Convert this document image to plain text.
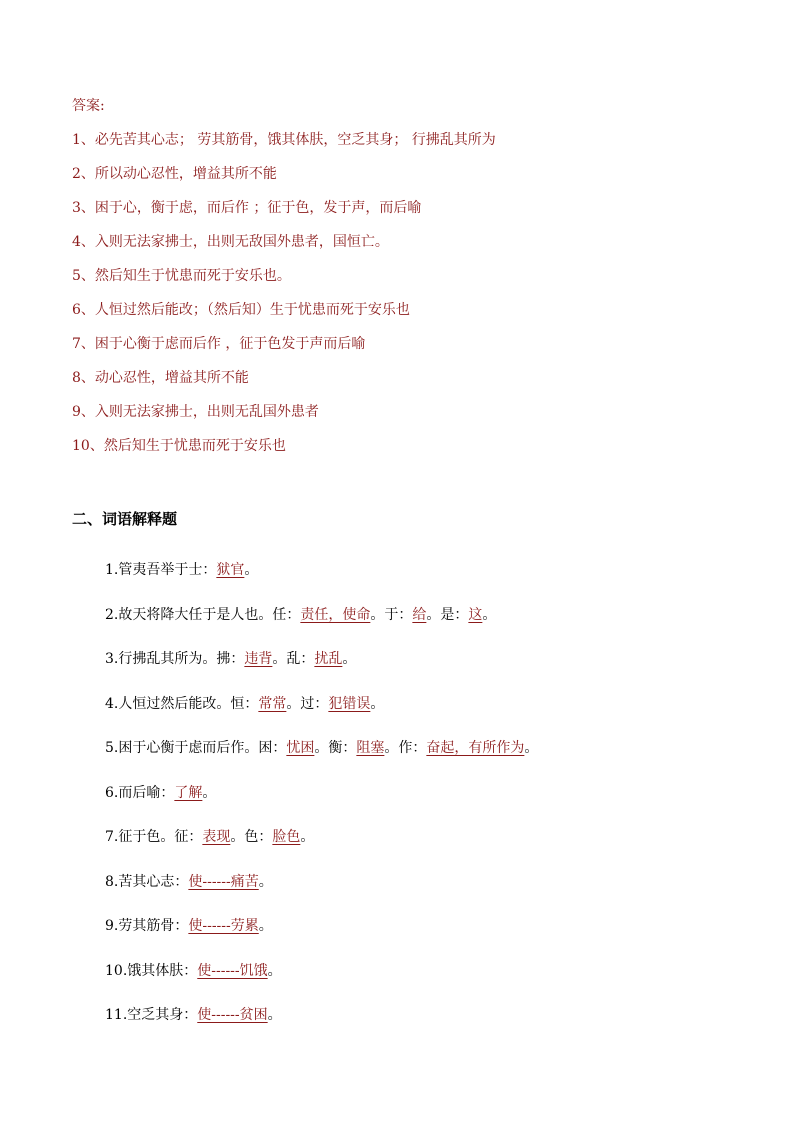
答案:

1、必先苦其心志； 劳其筋骨，饿其体肤，空乏其身； 行拂乱其所为

2、所以动心忍性，增益其所不能

3、困于心，衡于虑，而后作 ；征于色，发于声，而后喻

4、入则无法家拂士，出则无敌国外患者，国恒亡。

5、然后知生于忧患而死于安乐也。

6、人恒过然后能改；（然后知）生于忧患而死于安乐也

7、困于心衡于虑而后作 ，征于色发于声而后喻

8、动心忍性，增益其所不能

9、入则无法家拂士，出则无乱国外患者

10、然后知生于忧患而死于安乐也

二、词语解释题

1.管夷吾举于士：狱官。

2.故天将降大任于是人也。任：责任，使命。于：给。是：这。

3.行拂乱其所为。拂：违背。乱：扰乱。

4.人恒过然后能改。恒：常常。过：犯错误。

5.困于心衡于虑而后作。困：忧困。衡：阻塞。作：奋起，有所作为。

6.而后喻：了解。

7.征于色。征：表现。色：脸色。

8.苦其心志：使------痛苦。

9.劳其筋骨：使------劳累。

10.饿其体肤：使------饥饿。

11.空乏其身：使------贫困。
